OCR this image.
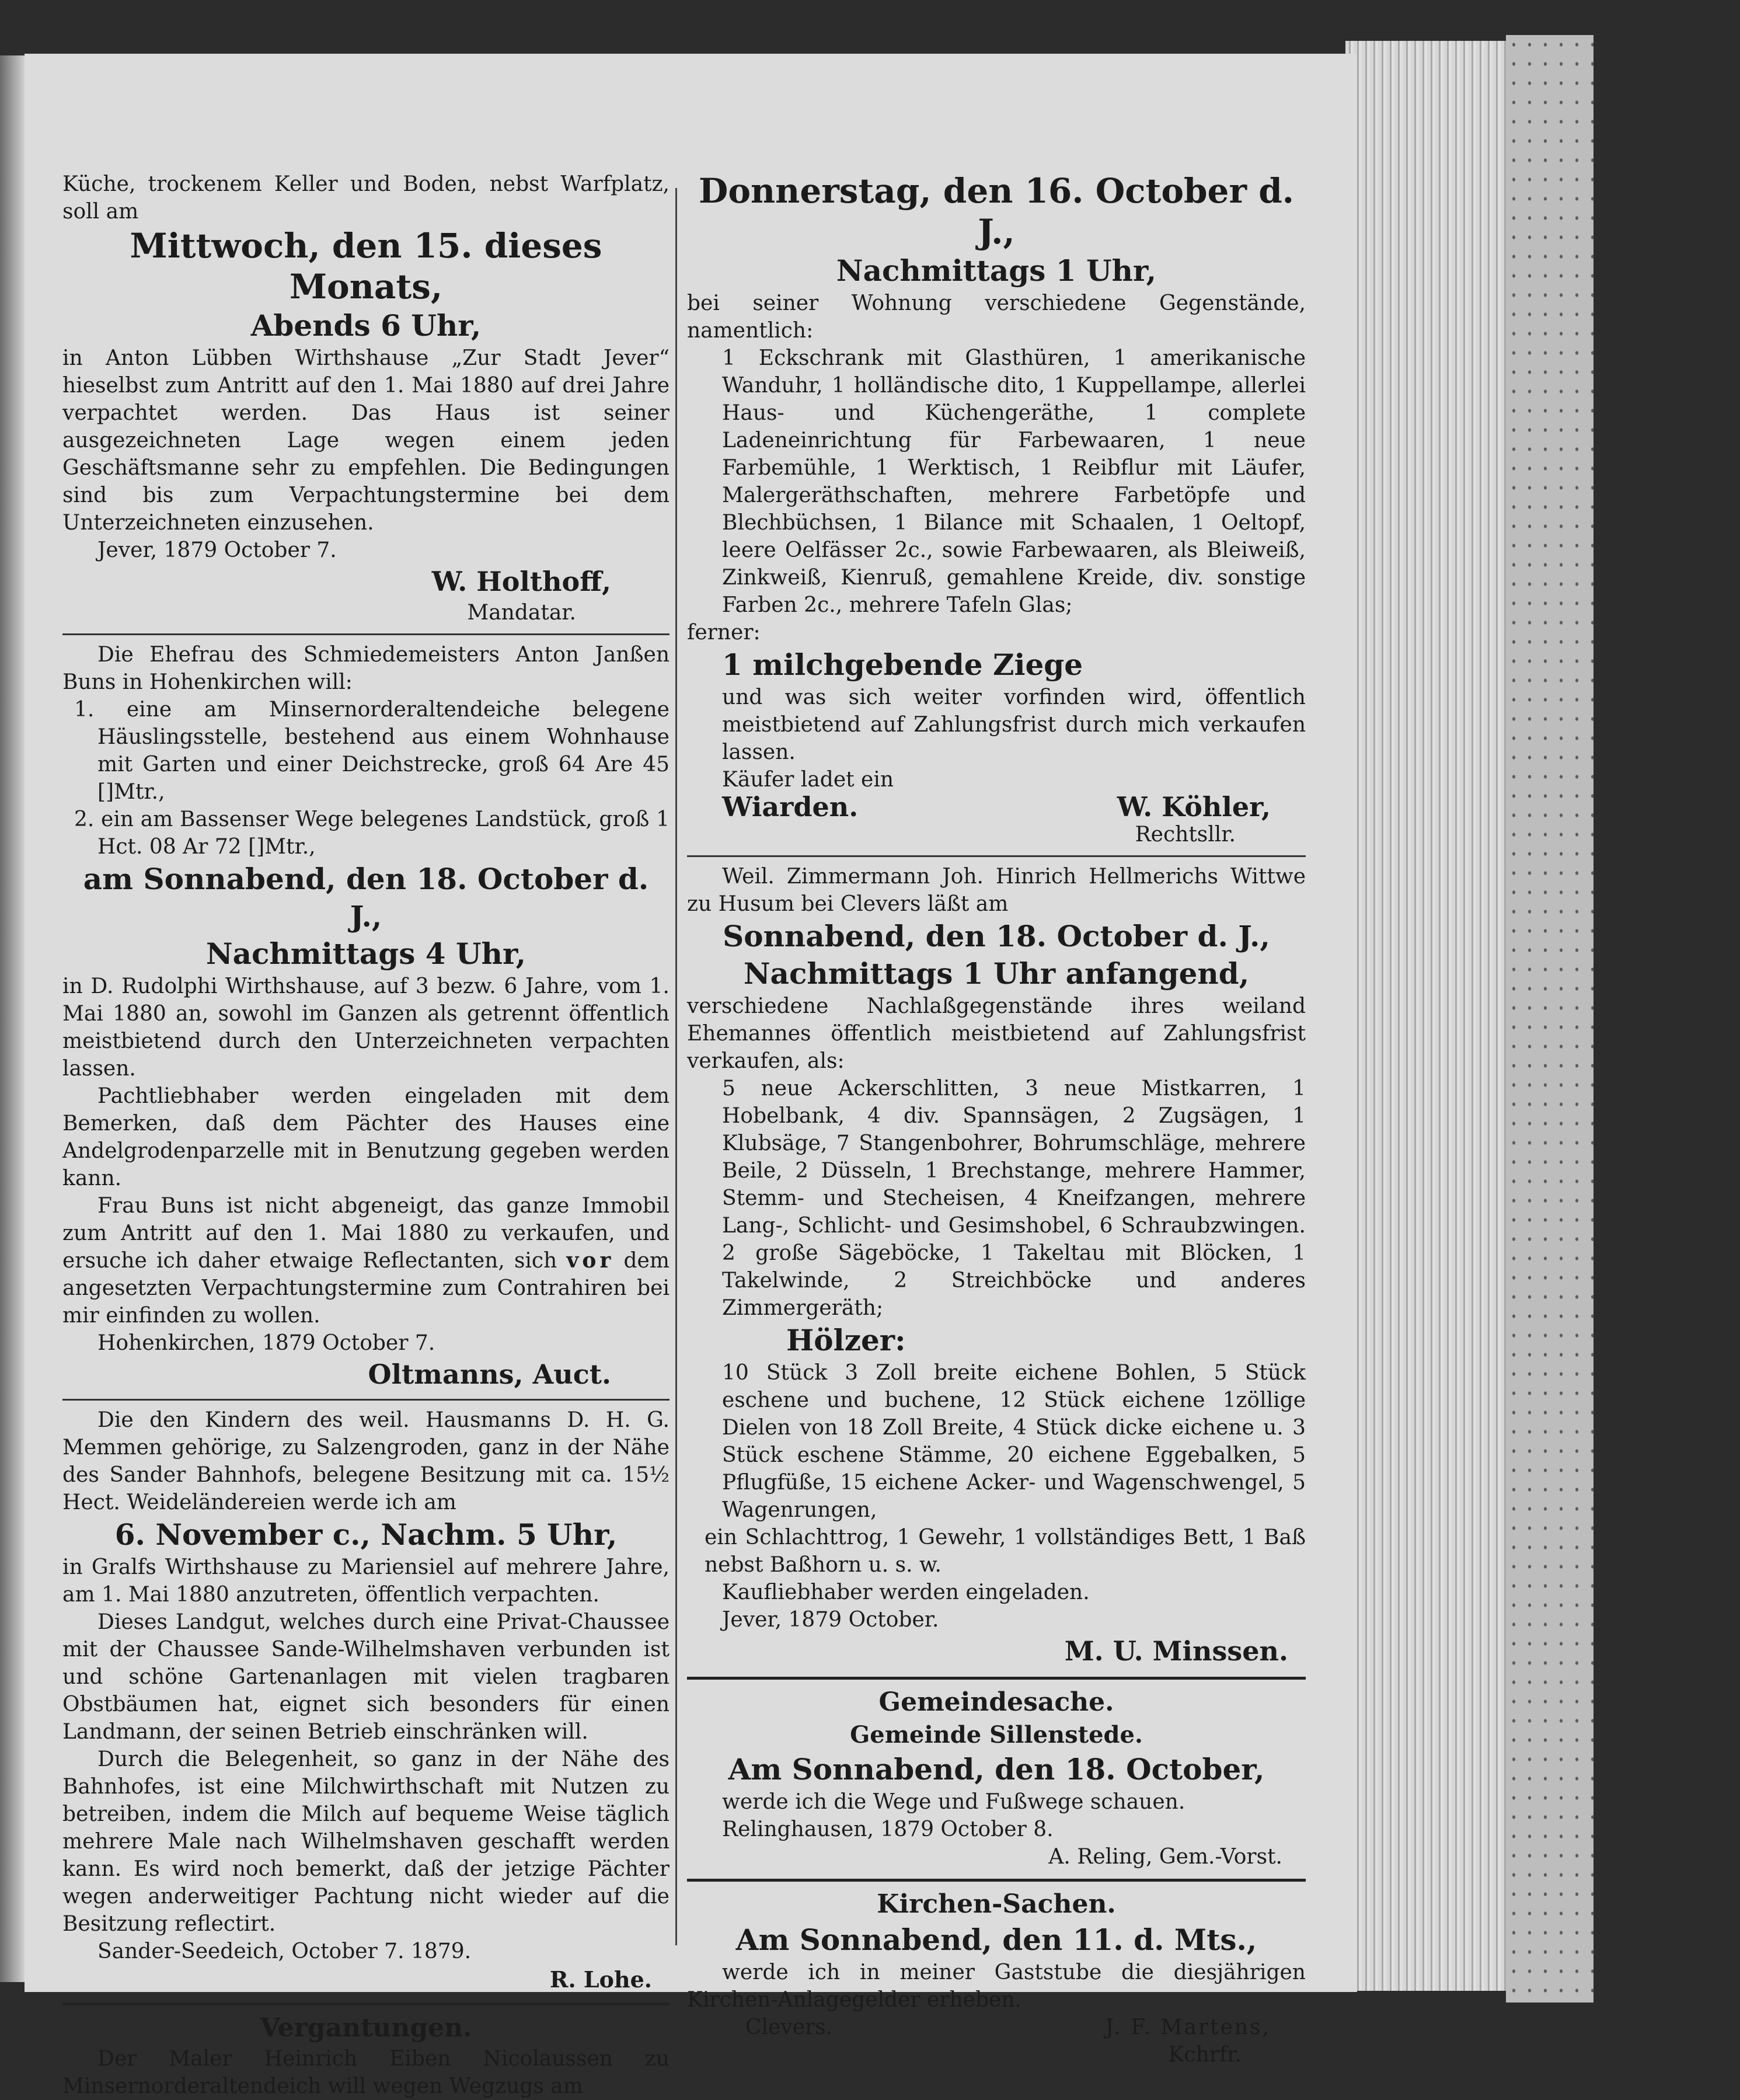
Küche, trockenem Keller und Boden, nebst Warfplatz, soll am

Mittwoch, den 15. dieses Monats,

Abends 6 Uhr,

in Anton Lübben Wirthshause „Zur Stadt Jever“ hieselbst zum Antritt auf den 1. Mai 1880 auf drei Jahre verpachtet werden. Das Haus ist seiner ausgezeichneten Lage wegen einem jeden Geschäftsmanne sehr zu empfehlen. Die Bedingungen sind bis zum Verpachtungstermine bei dem Unterzeichneten einzusehen.

Jever, 1879 October 7.

W. Holthoff,

Mandatar.

Die Ehefrau des Schmiedemeisters Anton Janßen Buns in Hohenkirchen will:

1. eine am Minsernorderaltendeiche belegene Häuslingsstelle, bestehend aus einem Wohnhause mit Garten und einer Deichstrecke, groß 64 Are 45 []Mtr.,

2. ein am Bassenser Wege belegenes Landstück, groß 1 Hct. 08 Ar 72 []Mtr.,

am Sonnabend, den 18. October d. J.,

Nachmittags 4 Uhr,

in D. Rudolphi Wirthshause, auf 3 bezw. 6 Jahre, vom 1. Mai 1880 an, sowohl im Ganzen als getrennt öffentlich meistbietend durch den Unterzeichneten verpachten lassen.

Pachtliebhaber werden eingeladen mit dem Bemerken, daß dem Pächter des Hauses eine Andelgrodenparzelle mit in Benutzung gegeben werden kann.

Frau Buns ist nicht abgeneigt, das ganze Immobil zum Antritt auf den 1. Mai 1880 zu verkaufen, und ersuche ich daher etwaige Reflectanten, sich vor dem angesetzten Verpachtungstermine zum Contrahiren bei mir einfinden zu wollen.

Hohenkirchen, 1879 October 7.

Oltmanns, Auct.

Die den Kindern des weil. Hausmanns D. H. G. Memmen gehörige, zu Salzengroden, ganz in der Nähe des Sander Bahnhofs, belegene Besitzung mit ca. 15½ Hect. Weideländereien werde ich am

6. November c., Nachm. 5 Uhr,

in Gralfs Wirthshause zu Mariensiel auf mehrere Jahre, am 1. Mai 1880 anzutreten, öffentlich verpachten.

Dieses Landgut, welches durch eine Privat-Chaussee mit der Chaussee Sande-Wilhelmshaven verbunden ist und schöne Gartenanlagen mit vielen tragbaren Obstbäumen hat, eignet sich besonders für einen Landmann, der seinen Betrieb einschränken will.

Durch die Belegenheit, so ganz in der Nähe des Bahnhofes, ist eine Milchwirthschaft mit Nutzen zu betreiben, indem die Milch auf bequeme Weise täglich mehrere Male nach Wilhelmshaven geschafft werden kann. Es wird noch bemerkt, daß der jetzige Pächter wegen anderweitiger Pachtung nicht wieder auf die Besitzung reflectirt.

Sander-Seedeich, October 7. 1879.

R. Lohe.

Vergantungen.

Der Maler Heinrich Eiben Nicolaussen zu Minsernorderaltendeich will wegen Wegzugs am

Donnerstag, den 16. October d. J.,

Nachmittags 1 Uhr,

bei seiner Wohnung verschiedene Gegenstände, namentlich:

1 Eckschrank mit Glasthüren, 1 amerikanische Wanduhr, 1 holländische dito, 1 Kuppellampe, allerlei Haus- und Küchengeräthe, 1 complete Ladeneinrichtung für Farbewaaren, 1 neue Farbemühle, 1 Werktisch, 1 Reibflur mit Läufer, Malergeräthschaften, mehrere Farbetöpfe und Blechbüchsen, 1 Bilance mit Schaalen, 1 Oeltopf, leere Oelfässer 2c., sowie Farbewaaren, als Bleiweiß, Zinkweiß, Kienruß, gemahlene Kreide, div. sonstige Farben 2c., mehrere Tafeln Glas;

ferner:

1 milchgebende Ziege

und was sich weiter vorfinden wird, öffentlich meistbietend auf Zahlungsfrist durch mich verkaufen lassen.

Käufer ladet ein

Wiarden.	W. Köhler,

Rechtsllr.

Weil. Zimmermann Joh. Hinrich Hellmerichs Wittwe zu Husum bei Clevers läßt am

Sonnabend, den 18. October d. J.,

Nachmittags 1 Uhr anfangend,

verschiedene Nachlaßgegenstände ihres weiland Ehemannes öffentlich meistbietend auf Zahlungsfrist verkaufen, als:

5 neue Ackerschlitten, 3 neue Mistkarren, 1 Hobelbank, 4 div. Spannsägen, 2 Zugsägen, 1 Klubsäge, 7 Stangenbohrer, Bohrumschläge, mehrere Beile, 2 Düsseln, 1 Brechstange, mehrere Hammer, Stemm- und Stecheisen, 4 Kneifzangen, mehrere Lang-, Schlicht- und Gesimshobel, 6 Schraubzwingen. 2 große Sägeböcke, 1 Takeltau mit Blöcken, 1 Takelwinde, 2 Streichböcke und anderes Zimmergeräth;

Hölzer:

10 Stück 3 Zoll breite eichene Bohlen, 5 Stück eschene und buchene, 12 Stück eichene 1zöllige Dielen von 18 Zoll Breite, 4 Stück dicke eichene u. 3 Stück eschene Stämme, 20 eichene Eggebalken, 5 Pflugfüße, 15 eichene Acker- und Wagenschwengel, 5 Wagenrungen,

ein Schlachttrog, 1 Gewehr, 1 vollständiges Bett, 1 Baß nebst Baßhorn u. s. w.

Kaufliebhaber werden eingeladen.

Jever, 1879 October.

M. U. Minssen.

Gemeindesache.

Gemeinde Sillenstede.

Am Sonnabend, den 18. October,

werde ich die Wege und Fußwege schauen.

Relinghausen, 1879 October 8.

A. Reling, Gem.-Vorst.

Kirchen-Sachen.

Am Sonnabend, den 11. d. Mts.,

werde ich in meiner Gaststube die diesjährigen Kirchen-Anlagegelder erheben.

Clevers.	J. F. Martens,

Kchrfr.
